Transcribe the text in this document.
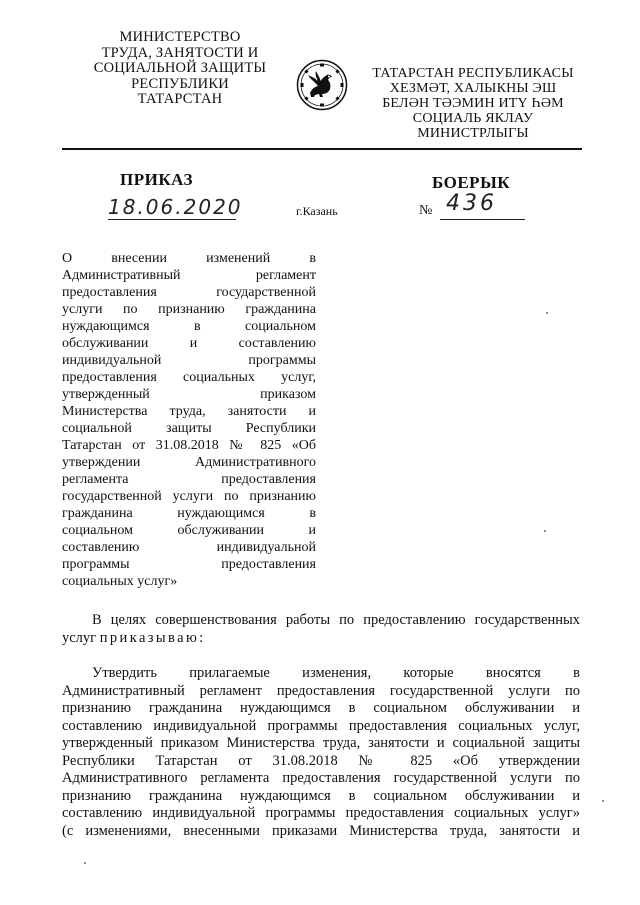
МИНИСТЕРСТВО
ТРУДА, ЗАНЯТОСТИ И
СОЦИАЛЬНОЙ ЗАЩИТЫ
РЕСПУБЛИКИ
ТАТАРСТАН
ТАТАРСТАН РЕСПУБЛИКАСЫ
ХЕЗМӘТ, ХАЛЫКНЫ ЭШ
БЕЛӘН ТӘЭМИН ИТҮ ҺӘМ
СОЦИАЛЬ ЯКЛАУ
МИНИСТРЛЫГЫ
ПРИКАЗ	БОЕРЫК
18.06.2020	г.Казань	№ 436
О внесении изменений в
Административный регламент
предоставления государственной
услуги по признанию гражданина
нуждающимся в социальном
обслуживании и составлению
индивидуальной программы
предоставления социальных услуг,
утвержденный приказом
Министерства труда, занятости и
социальной защиты Республики
Татарстан от 31.08.2018 № 825 «Об
утверждении Административного
регламента предоставления
государственной услуги по признанию
гражданина нуждающимся в
социальном обслуживании и
составлению индивидуальной
программы предоставления
социальных услуг»
В целях совершенствования работы по предоставлению государственных
услуг приказываю:
Утвердить прилагаемые изменения, которые вносятся в
Административный регламент предоставления государственной услуги по
признанию гражданина нуждающимся в социальном обслуживании и
составлению индивидуальной программы предоставления социальных услуг,
утвержденный приказом Министерства труда, занятости и социальной защиты
Республики Татарстан от 31.08.2018 № 825 «Об утверждении
Административного регламента предоставления государственной услуги по
признанию гражданина нуждающимся в социальном обслуживании и
составлению индивидуальной программы предоставления социальных услуг»
(с изменениями, внесенными приказами Министерства труда, занятости и
